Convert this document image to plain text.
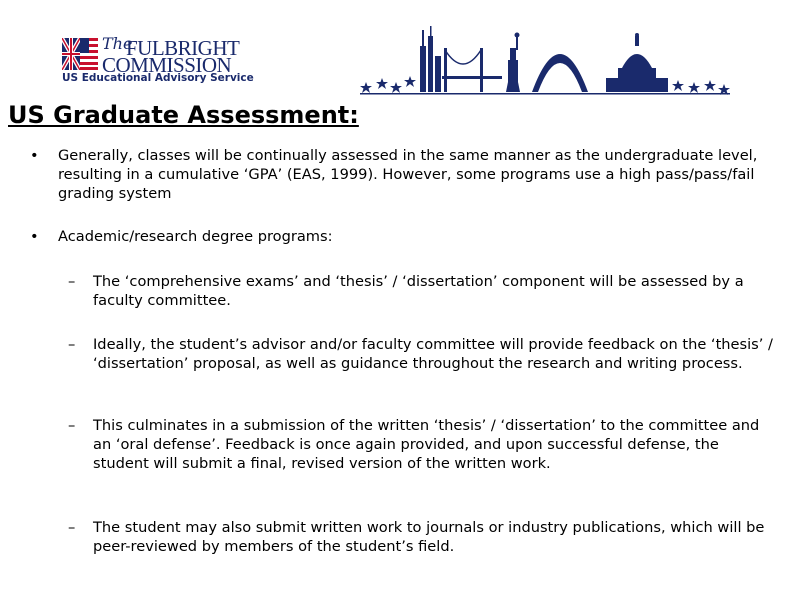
The
FULBRIGHT
COMMISSION
US Educational Advisory Service
US Graduate Assessment:
• Generally, classes will be continually assessed in the same manner as the undergraduate level, resulting in a cumulative ‘GPA’ (EAS, 1999). However, some programs use a high pass/pass/fail grading system
• Academic/research degree programs:
– The ‘comprehensive exams’ and ‘thesis’ / ‘dissertation’ component will be assessed by a faculty committee.
– Ideally, the student’s advisor and/or faculty committee will provide feedback on the ‘thesis’ / ‘dissertation’ proposal, as well as guidance throughout the research and writing process.
– This culminates in a submission of the written ‘thesis’ / ‘dissertation’ to the committee and an ‘oral defense’. Feedback is once again provided, and upon successful defense, the student will submit a final, revised version of the written work.
– The student may also submit written work to journals or industry publications, which will be peer-reviewed by members of the student’s field.
